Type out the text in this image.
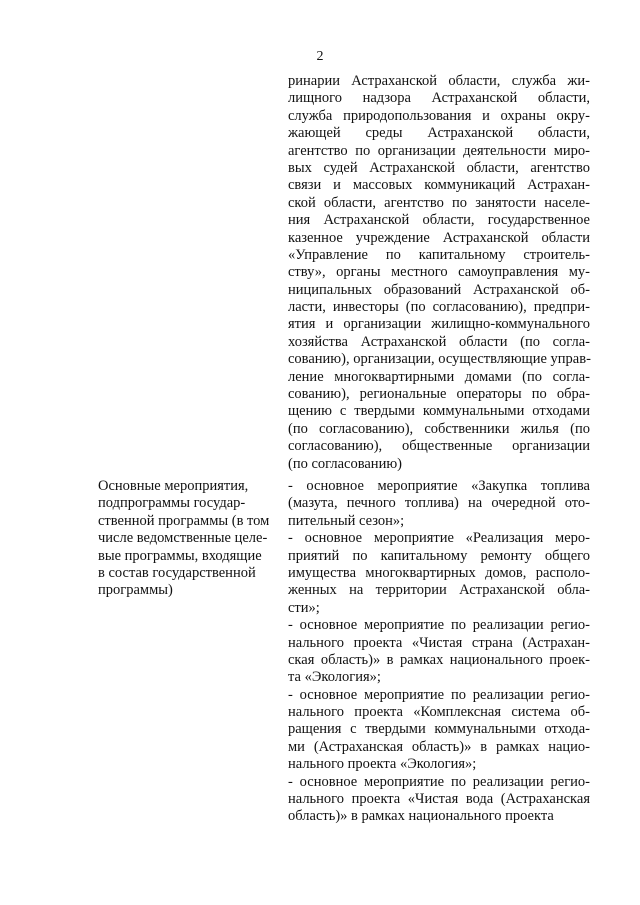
2
ринарии Астраханской области, служба жи-
лищного надзора Астраханской области,
служба природопользования и охраны окру-
жающей среды Астраханской области,
агентство по организации деятельности миро-
вых судей Астраханской области, агентство
связи и массовых коммуникаций Астрахан-
ской области, агентство по занятости населе-
ния Астраханской области, государственное
казенное учреждение Астраханской области
«Управление по капитальному строитель-
ству», органы местного самоуправления му-
ниципальных образований Астраханской об-
ласти, инвесторы (по согласованию), предпри-
ятия и организации жилищно-коммунального
хозяйства Астраханской области (по согла-
сованию), организации, осуществляющие управ-
ление многоквартирными домами (по согла-
сованию), региональные операторы по обра-
щению с твердыми коммунальными отходами
(по согласованию), собственники жилья (по
согласованию), общественные организации
(по согласованию)
Основные мероприятия,
подпрограммы государ-
ственной программы (в том
числе ведомственные целе-
вые программы, входящие
в состав государственной
программы)
- основное мероприятие «Закупка топлива
(мазута, печного топлива) на очередной ото-
пительный сезон»;
- основное мероприятие «Реализация меро-
приятий по капитальному ремонту общего
имущества многоквартирных домов, располо-
женных на территории Астраханской обла-
сти»;
- основное мероприятие по реализации регио-
нального проекта «Чистая страна (Астрахан-
ская область)» в рамках национального проек-
та «Экология»;
- основное мероприятие по реализации регио-
нального проекта «Комплексная система об-
ращения с твердыми коммунальными отхода-
ми (Астраханская область)» в рамках нацио-
нального проекта «Экология»;
- основное мероприятие по реализации регио-
нального проекта «Чистая вода (Астраханская
область)» в рамках национального проекта
